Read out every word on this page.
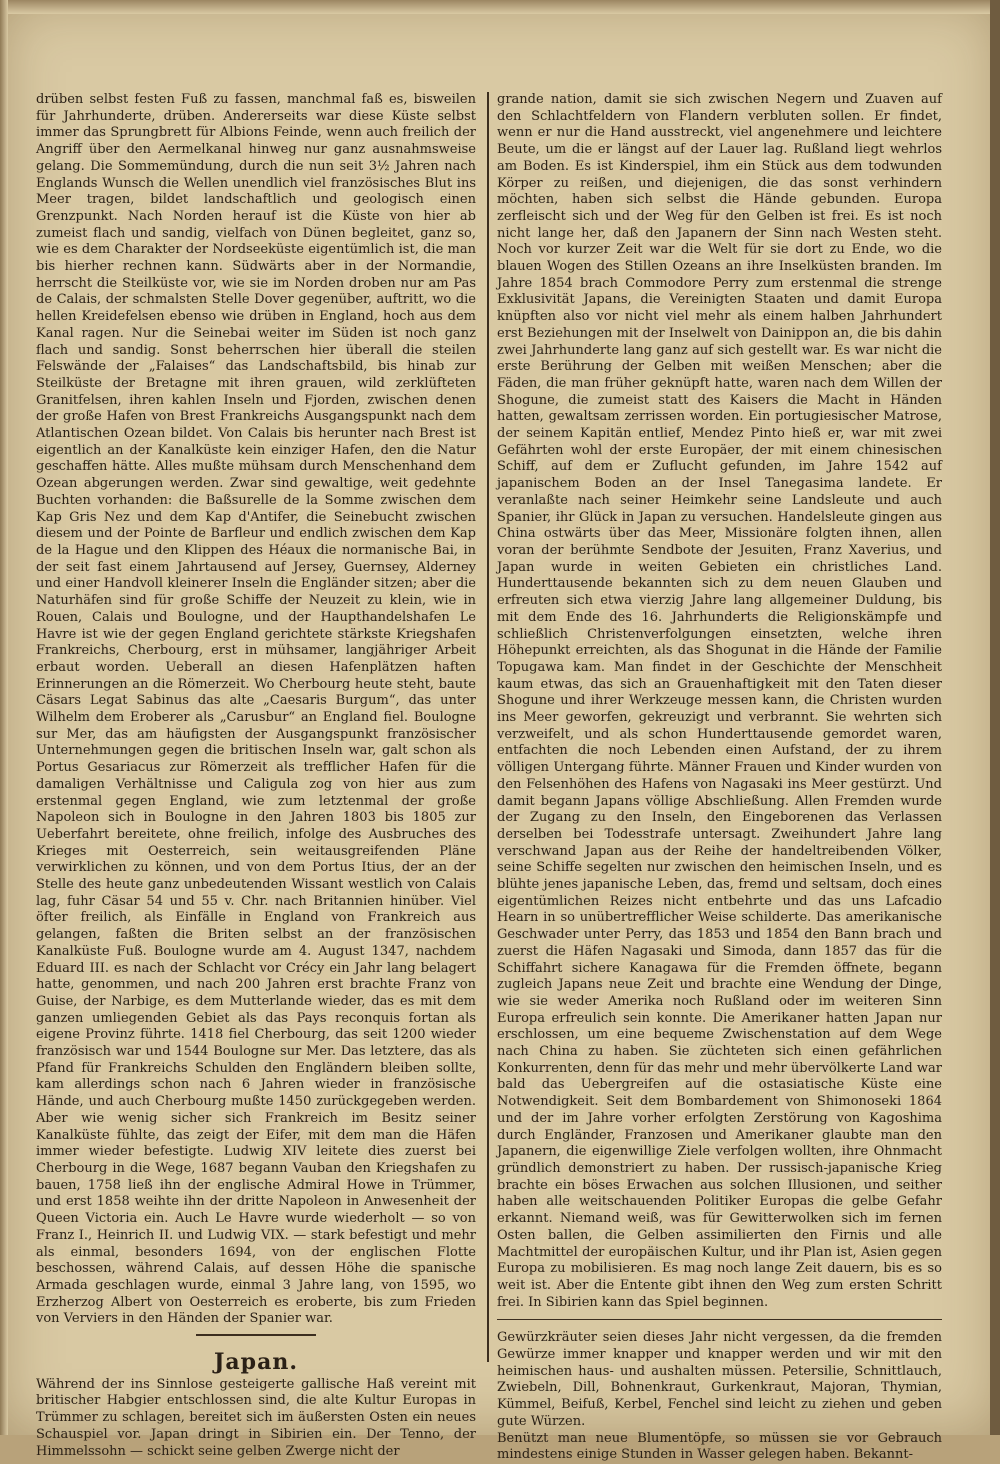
drüben selbst festen Fuß zu fassen, manchmal faß es, bisweilen für Jahrhunderte, drüben. Andererseits war diese Küste selbst immer das Sprungbrett für Albions Feinde, wenn auch freilich der Angriff über den Aermelkanal hinweg nur ganz ausnahmsweise gelang. Die Sommemündung, durch die nun seit 3½ Jahren nach Englands Wunsch die Wellen unendlich viel französisches Blut ins Meer tragen, bildet landschaftlich und geologisch einen Grenzpunkt. Nach Norden herauf ist die Küste von hier ab zumeist flach und sandig, vielfach von Dünen begleitet, ganz so, wie es dem Charakter der Nordseeküste eigentümlich ist, die man bis hierher rechnen kann. Südwärts aber in der Normandie, herrscht die Steilküste vor, wie sie im Norden droben nur am Pas de Calais, der schmalsten Stelle Dover gegenüber, auftritt, wo die hellen Kreidefelsen ebenso wie drüben in England, hoch aus dem Kanal ragen. Nur die Seinebai weiter im Süden ist noch ganz flach und sandig. Sonst beherrschen hier überall die steilen Felswände der „Falaises“ das Landschaftsbild, bis hinab zur Steilküste der Bretagne mit ihren grauen, wild zerklüfteten Granitfelsen, ihren kahlen Inseln und Fjorden, zwischen denen der große Hafen von Brest Frankreichs Ausgangspunkt nach dem Atlantischen Ozean bildet. Von Calais bis herunter nach Brest ist eigentlich an der Kanalküste kein einziger Hafen, den die Natur geschaffen hätte. Alles mußte mühsam durch Menschenhand dem Ozean abgerungen werden. Zwar sind gewaltige, weit gedehnte Buchten vorhanden: die Baßsurelle de la Somme zwischen dem Kap Gris Nez und dem Kap d'Antifer, die Seinebucht zwischen diesem und der Pointe de Barfleur und endlich zwischen dem Kap de la Hague und den Klippen des Héaux die normanische Bai, in der seit fast einem Jahrtausend auf Jersey, Guernsey, Alderney und einer Handvoll kleinerer Inseln die Engländer sitzen; aber die Naturhäfen sind für große Schiffe der Neuzeit zu klein, wie in Rouen, Calais und Boulogne, und der Haupthandelshafen Le Havre ist wie der gegen England gerichtete stärkste Kriegshafen Frankreichs, Cherbourg, erst in mühsamer, langjähriger Arbeit erbaut worden. Ueberall an diesen Hafenplätzen haften Erinnerungen an die Römerzeit. Wo Cherbourg heute steht, baute Cäsars Legat Sabinus das alte „Caesaris Burgum“, das unter Wilhelm dem Eroberer als „Carusbur“ an England fiel. Boulogne sur Mer, das am häufigsten der Ausgangspunkt französischer Unternehmungen gegen die britischen Inseln war, galt schon als Portus Gesariacus zur Römerzeit als trefflicher Hafen für die damaligen Verhältnisse und Caligula zog von hier aus zum erstenmal gegen England, wie zum letztenmal der große Napoleon sich in Boulogne in den Jahren 1803 bis 1805 zur Ueberfahrt bereitete, ohne freilich, infolge des Ausbruches des Krieges mit Oesterreich, sein weitausgreifenden Pläne verwirklichen zu können, und von dem Portus Itius, der an der Stelle des heute ganz unbedeutenden Wissant westlich von Calais lag, fuhr Cäsar 54 und 55 v. Chr. nach Britannien hinüber. Viel öfter freilich, als Einfälle in England von Frankreich aus gelangen, faßten die Briten selbst an der französischen Kanalküste Fuß. Boulogne wurde am 4. August 1347, nachdem Eduard III. es nach der Schlacht vor Crécy ein Jahr lang belagert hatte, genommen, und nach 200 Jahren erst brachte Franz von Guise, der Narbige, es dem Mutterlande wieder, das es mit dem ganzen umliegenden Gebiet als das Pays reconquis fortan als eigene Provinz führte. 1418 fiel Cherbourg, das seit 1200 wieder französisch war und 1544 Boulogne sur Mer. Das letztere, das als Pfand für Frankreichs Schulden den Engländern bleiben sollte, kam allerdings schon nach 6 Jahren wieder in französische Hände, und auch Cherbourg mußte 1450 zurückgegeben werden. Aber wie wenig sicher sich Frankreich im Besitz seiner Kanalküste fühlte, das zeigt der Eifer, mit dem man die Häfen immer wieder befestigte. Ludwig XIV leitete dies zuerst bei Cherbourg in die Wege, 1687 begann Vauban den Kriegshafen zu bauen, 1758 ließ ihn der englische Admiral Howe in Trümmer, und erst 1858 weihte ihn der dritte Napoleon in Anwesenheit der Queen Victoria ein. Auch Le Havre wurde wiederholt — so von Franz I., Heinrich II. und Ludwig VIX. — stark befestigt und mehr als einmal, besonders 1694, von der englischen Flotte beschossen, während Calais, auf dessen Höhe die spanische Armada geschlagen wurde, einmal 3 Jahre lang, von 1595, wo Erzherzog Albert von Oesterreich es eroberte, bis zum Frieden von Verviers in den Händen der Spanier war.

Japan.

Während der ins Sinnlose gesteigerte gallische Haß vereint mit britischer Habgier entschlossen sind, die alte Kultur Europas in Trümmer zu schlagen, bereitet sich im äußersten Osten ein neues Schauspiel vor. Japan dringt in Sibirien ein. Der Tenno, der Himmelssohn — schickt seine gelben Zwerge nicht der

grande nation, damit sie sich zwischen Negern und Zuaven auf den Schlachtfeldern von Flandern verbluten sollen. Er findet, wenn er nur die Hand ausstreckt, viel angenehmere und leichtere Beute, um die er längst auf der Lauer lag. Rußland liegt wehrlos am Boden. Es ist Kinderspiel, ihm ein Stück aus dem todwunden Körper zu reißen, und diejenigen, die das sonst verhindern möchten, haben sich selbst die Hände gebunden. Europa zerfleischt sich und der Weg für den Gelben ist frei. Es ist noch nicht lange her, daß den Japanern der Sinn nach Westen steht. Noch vor kurzer Zeit war die Welt für sie dort zu Ende, wo die blauen Wogen des Stillen Ozeans an ihre Inselküsten branden. Im Jahre 1854 brach Commodore Perry zum erstenmal die strenge Exklusivität Japans, die Vereinigten Staaten und damit Europa knüpften also vor nicht viel mehr als einem halben Jahrhundert erst Beziehungen mit der Inselwelt von Dainippon an, die bis dahin zwei Jahrhunderte lang ganz auf sich gestellt war. Es war nicht die erste Berührung der Gelben mit weißen Menschen; aber die Fäden, die man früher geknüpft hatte, waren nach dem Willen der Shogune, die zumeist statt des Kaisers die Macht in Händen hatten, gewaltsam zerrissen worden. Ein portugiesischer Matrose, der seinem Kapitän entlief, Mendez Pinto hieß er, war mit zwei Gefährten wohl der erste Europäer, der mit einem chinesischen Schiff, auf dem er Zuflucht gefunden, im Jahre 1542 auf japanischem Boden an der Insel Tanegasima landete. Er veranlaßte nach seiner Heimkehr seine Landsleute und auch Spanier, ihr Glück in Japan zu versuchen. Handelsleute gingen aus China ostwärts über das Meer, Missionäre folgten ihnen, allen voran der berühmte Sendbote der Jesuiten, Franz Xaverius, und Japan wurde in weiten Gebieten ein christliches Land. Hunderttausende bekannten sich zu dem neuen Glauben und erfreuten sich etwa vierzig Jahre lang allgemeiner Duldung, bis mit dem Ende des 16. Jahrhunderts die Religionskämpfe und schließlich Christenverfolgungen einsetzten, welche ihren Höhepunkt erreichten, als das Shogunat in die Hände der Familie Topugawa kam. Man findet in der Geschichte der Menschheit kaum etwas, das sich an Grauenhaftigkeit mit den Taten dieser Shogune und ihrer Werkzeuge messen kann, die Christen wurden ins Meer geworfen, gekreuzigt und verbrannt. Sie wehrten sich verzweifelt, und als schon Hunderttausende gemordet waren, entfachten die noch Lebenden einen Aufstand, der zu ihrem völligen Untergang führte. Männer Frauen und Kinder wurden von den Felsenhöhen des Hafens von Nagasaki ins Meer gestürzt. Und damit begann Japans völlige Abschließung. Allen Fremden wurde der Zugang zu den Inseln, den Eingeborenen das Verlassen derselben bei Todesstrafe untersagt. Zweihundert Jahre lang verschwand Japan aus der Reihe der handeltreibenden Völker, seine Schiffe segelten nur zwischen den heimischen Inseln, und es blühte jenes japanische Leben, das, fremd und seltsam, doch eines eigentümlichen Reizes nicht entbehrte und das uns Lafcadio Hearn in so unübertrefflicher Weise schilderte. Das amerikanische Geschwader unter Perry, das 1853 und 1854 den Bann brach und zuerst die Häfen Nagasaki und Simoda, dann 1857 das für die Schiffahrt sichere Kanagawa für die Fremden öffnete, begann zugleich Japans neue Zeit und brachte eine Wendung der Dinge, wie sie weder Amerika noch Rußland oder im weiteren Sinn Europa erfreulich sein konnte. Die Amerikaner hatten Japan nur erschlossen, um eine bequeme Zwischenstation auf dem Wege nach China zu haben. Sie züchteten sich einen gefährlichen Konkurrenten, denn für das mehr und mehr übervölkerte Land war bald das Uebergreifen auf die ostasiatische Küste eine Notwendigkeit. Seit dem Bombardement von Shimonoseki 1864 und der im Jahre vorher erfolgten Zerstörung von Kagoshima durch Engländer, Franzosen und Amerikaner glaubte man den Japanern, die eigenwillige Ziele verfolgen wollten, ihre Ohnmacht gründlich demonstriert zu haben. Der russisch-japanische Krieg brachte ein böses Erwachen aus solchen Illusionen, und seither haben alle weitschauenden Politiker Europas die gelbe Gefahr erkannt. Niemand weiß, was für Gewitterwolken sich im fernen Osten ballen, die Gelben assimilierten den Firnis und alle Machtmittel der europäischen Kultur, und ihr Plan ist, Asien gegen Europa zu mobilisieren. Es mag noch lange Zeit dauern, bis es so weit ist. Aber die Entente gibt ihnen den Weg zum ersten Schritt frei. In Sibirien kann das Spiel beginnen.

Gewürzkräuter seien dieses Jahr nicht vergessen, da die fremden Gewürze immer knapper und knapper werden und wir mit den heimischen haus- und aushalten müssen. Petersilie, Schnittlauch, Zwiebeln, Dill, Bohnenkraut, Gurkenkraut, Majoran, Thymian, Kümmel, Beifuß, Kerbel, Fenchel sind leicht zu ziehen und geben gute Würzen.

Benützt man neue Blumentöpfe, so müssen sie vor Gebrauch mindestens einige Stunden in Wasser gelegen haben. Bekannt-
